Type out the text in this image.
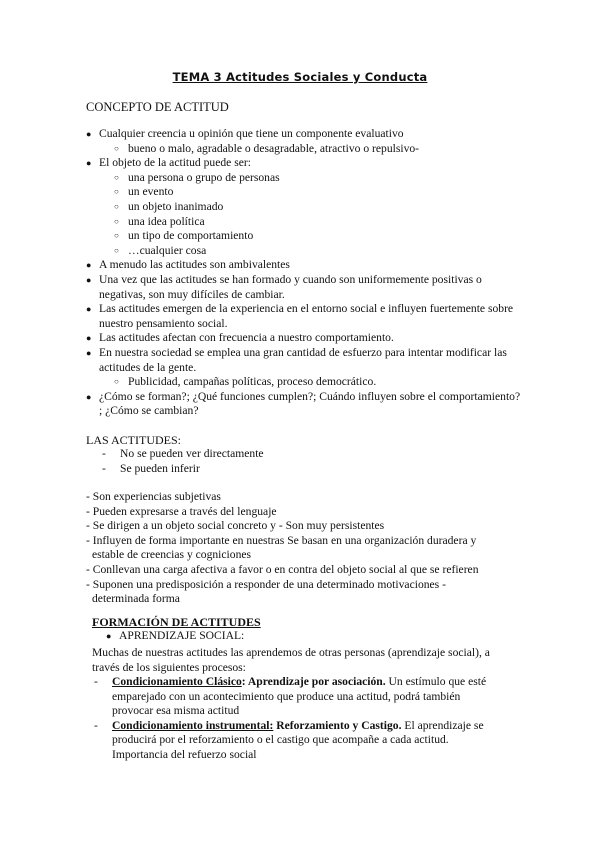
TEMA 3 Actitudes Sociales y Conducta
CONCEPTO DE ACTITUD
● Cualquier creencia u opinión que tiene un componente evaluativo
○ bueno o malo, agradable o desagradable, atractivo o repulsivo-
● El objeto de la actitud puede ser:
○ una persona o grupo de personas
○ un evento
○ un objeto inanimado
○ una idea política
○ un tipo de comportamiento
○ …cualquier cosa
● A menudo las actitudes son ambivalentes
● Una vez que las actitudes se han formado y cuando son uniformemente positivas o negativas, son muy difíciles de cambiar.
● Las actitudes emergen de la experiencia en el entorno social e influyen fuertemente sobre nuestro pensamiento social.
● Las actitudes afectan con frecuencia a nuestro comportamiento.
● En nuestra sociedad se emplea una gran cantidad de esfuerzo para intentar modificar las actitudes de la gente.
○ Publicidad, campañas políticas, proceso democrático.
● ¿Cómo se forman?; ¿Qué funciones cumplen?; Cuándo influyen sobre el comportamiento? ; ¿Cómo se cambian?
LAS ACTITUDES:
- No se pueden ver directamente
- Se pueden inferir
- Son experiencias subjetivas
- Pueden expresarse a través del lenguaje
- Se dirigen a un objeto social concreto y - Son muy persistentes
- Influyen de forma importante en nuestras Se basan en una organización duradera y
estable de creencias y cogniciones
- Conllevan una carga afectiva a favor o en contra del objeto social al que se refieren
- Suponen una predisposición a responder de una determinado motivaciones -
determinada forma
FORMACIÓN DE ACTITUDES
● APRENDIZAJE SOCIAL:
Muchas de nuestras actitudes las aprendemos de otras personas (aprendizaje social), a
través de los siguientes procesos:
- Condicionamiento Clásico: Aprendizaje por asociación. Un estímulo que esté
emparejado con un acontecimiento que produce una actitud, podrá también
provocar esa misma actitud
- Condicionamiento instrumental: Reforzamiento y Castigo. El aprendizaje se
producirá por el reforzamiento o el castigo que acompañe a cada actitud.
Importancia del refuerzo social
